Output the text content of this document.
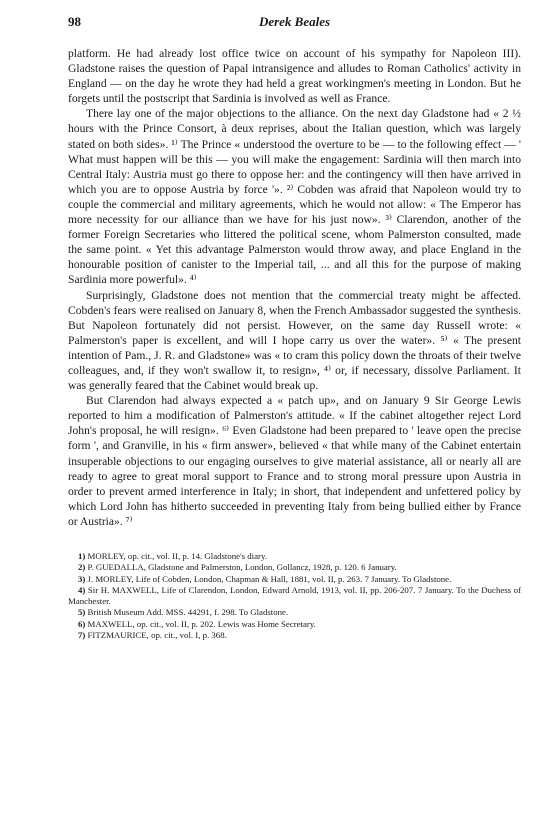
98	Derek Beales

platform. He had already lost office twice on account of his sympathy for Napoleon III). Gladstone raises the question of Papal intransigence and alludes to Roman Catholics' activity in England — on the day he wrote they had held a great workingmen's meeting in London. But he forgets until the postscript that Sardinia is involved as well as France.

There lay one of the major objections to the alliance. On the next day Gladstone had « 2 ½ hours with the Prince Consort, à deux reprises, about the Italian question, which was largely stated on both sides». ¹⁾ The Prince « understood the overture to be — to the following effect — ' What must happen will be this — you will make the engagement: Sardinia will then march into Central Italy: Austria must go there to oppose her: and the contingency will then have arrived in which you are to oppose Austria by force '». ²⁾ Cobden was afraid that Napoleon would try to couple the commercial and military agreements, which he would not allow: « The Emperor has more necessity for our alliance than we have for his just now». ³⁾ Clarendon, another of the former Foreign Secretaries who littered the political scene, whom Palmerston consulted, made the same point. « Yet this advantage Palmerston would throw away, and place England in the honourable position of canister to the Imperial tail, ... and all this for the purpose of making Sardinia more powerful». ⁴⁾

Surprisingly, Gladstone does not mention that the commercial treaty might be affected. Cobden's fears were realised on January 8, when the French Ambassador suggested the synthesis. But Napoleon fortunately did not persist. However, on the same day Russell wrote: « Palmerston's paper is excellent, and will I hope carry us over the water». ⁵⁾ « The present intention of Pam., J. R. and Gladstone» was « to cram this policy down the throats of their twelve colleagues, and, if they won't swallow it, to resign», ⁴⁾ or, if necessary, dissolve Parliament. It was generally feared that the Cabinet would break up.

But Clarendon had always expected a « patch up», and on January 9 Sir George Lewis reported to him a modification of Palmerston's attitude. « If the cabinet altogether reject Lord John's proposal, he will resign». ⁶⁾ Even Gladstone had been prepared to ' leave open the precise form ', and Granville, in his « firm answer», believed « that while many of the Cabinet entertain insuperable objections to our engaging ourselves to give material assistance, all or nearly all are ready to agree to great moral support to France and to strong moral pressure upon Austria in order to prevent armed interference in Italy; in short, that independent and unfettered policy by which Lord John has hitherto succeeded in preventing Italy from being bullied either by France or Austria». ⁷⁾

1) MORLEY, op. cit., vol. II, p. 14. Gladstone's diary.

2) P. GUEDALLA, Gladstone and Palmerston, London, Gollancz, 1928, p. 120. 6 January.

3) J. MORLEY, Life of Cobden, London, Chapman & Hall, 1881, vol. II, p. 263. 7 January. To Gladstone.

4) Sir H. MAXWELL, Life of Clarendon, London, Edward Arnold, 1913, vol. II, pp. 206-207. 7 January. To the Duchess of Manchester.

5) British Museum Add. MSS. 44291, f. 298. To Gladstone.

6) MAXWELL, op. cit., vol. II, p. 202. Lewis was Home Secretary.

7) FITZMAURICE, op. cit., vol. I, p. 368.
